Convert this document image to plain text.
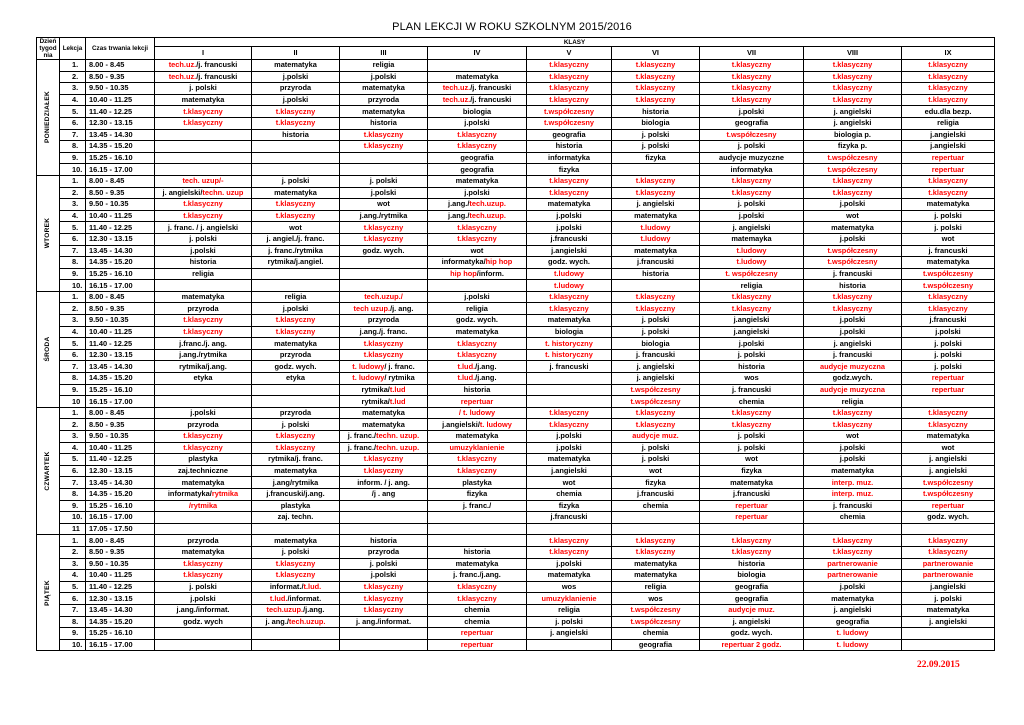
PLAN LEKCJI W ROKU SZKOLNYM 2015/2016
Dzień tygodnia	Lekcja	Czas trwania lekcji	KLASY								
			I	II	III	IV	V	VI	VII	VIII	IX

PONIEDZIAŁEK	1.	8.00 - 8.45	tech.uz./j. francuski	matematyka	religia		t.klasyczny	t.klasyczny	t.klasyczny	t.klasyczny	t.klasyczny
	2.	8.50 - 9.35	tech.uz./j. francuski	j.polski	j.polski	matematyka	t.klasyczny	t.klasyczny	t.klasyczny	t.klasyczny	t.klasyczny
	3.	9.50 - 10.35	j. polski	przyroda	matematyka	tech.uz./j. francuski	t.klasyczny	t.klasyczny	t.klasyczny	t.klasyczny	t.klasyczny
	4.	10.40 - 11.25	matematyka	j.polski	przyroda	tech.uz./j. francuski	t.klasyczny	t.klasyczny	t.klasyczny	t.klasyczny	t.klasyczny
	5.	11.40 - 12.25	t.klasyczny	t.klasyczny	matematyka	biologia	t.współczesny	historia	j.polski	j. angielski	edu.dla bezp.
	6.	12.30 - 13.15	t.klasyczny	t.klasyczny	historia	j.polski	t.współczesny	biologia	geografia	j. angielski	religia
	7.	13.45 - 14.30		historia	t.klasyczny	t.klasyczny	geografia	j. polski	t.współczesny	biologia p.	j.angielski
	8.	14.35 - 15.20			t.klasyczny	t.klasyczny	historia	j. polski	j. polski	fizyka p.	j.angielski
	9.	15.25 - 16.10				geografia	informatyka	fizyka	audycje muzyczne	t.współczesny	repertuar
	10.	16.15 - 17.00				geografia	fizyka		informatyka	t.współczesny	repertuar

WTOREK	1.	8.00 - 8.45	tech. uzup/-	j. polski	j. polski	matematyka	t.klasyczny	t.klasyczny	t.klasyczny	t.klasyczny	t.klasyczny
	2.	8.50 - 9.35	j. angielski/techn. uzup	matematyka	j.polski	j.polski	t.klasyczny	t.klasyczny	t.klasyczny	t.klasyczny	t.klasyczny
	3.	9.50 - 10.35	t.klasyczny	t.klasyczny	wot	j.ang./tech.uzup.	matematyka	j. angielski	j. polski	j.polski	matematyka
	4.	10.40 - 11.25	t.klasyczny	t.klasyczny	j.ang./rytmika	j.ang./tech.uzup.	j.polski	matematyka	j.polski	wot	j. polski
	5.	11.40 - 12.25	j. franc. / j. angielski	wot	t.klasyczny	t.klasyczny	j.polski	t.ludowy	j. angielski	matematyka	j. polski
	6.	12.30 - 13.15	j. polski	j. angiel./j. franc.	t.klasyczny	t.klasyczny	j.francuski	t.ludowy	matemayka	j.polski	wot
	7.	13.45 - 14.30	j.polski	j. franc./rytmika	godz. wych.	wot	j.angielski	matematyka	t.ludowy	t.współczesny	j. francuski
	8.	14.35 - 15.20	historia	rytmika/j.angiel.		informatyka/hip hop	godz. wych.	j.francuski	t.ludowy	t.współczesny	matematyka
	9.	15.25 - 16.10	religia			hip hop/inform.	t.ludowy	historia	t. współczesny	j. francuski	t.współczesny
	10.	16.15 - 17.00					t.ludowy		religia	historia	t.współczesny

ŚRODA	1.	8.00 - 8.45	matematyka	religia	tech.uzup./	j.polski	t.klasyczny	t.klasyczny	t.klasyczny	t.klasyczny	t.klasyczny
	2.	8.50 - 9.35	przyroda	j.polski	tech uzup./j. ang.	religia	t.klasyczny	t.klasyczny	t.klasyczny	t.klasyczny	t.klasyczny
	3.	9.50 - 10.35	t.klasyczny	t.klasyczny	przyroda	godz. wych.	matematyka	j. polski	j.angielski	j.polski	j.francuski
	4.	10.40 - 11.25	t.klasyczny	t.klasyczny	j.ang./j. franc.	matematyka	biologia	j. polski	j.angielski	j.polski	j.polski
	5.	11.40 - 12.25	j.franc./j. ang.	matematyka	t.klasyczny	t.klasyczny	t. historyczny	biologia	j.polski	j. angielski	j. polski
	6.	12.30 - 13.15	j.ang./rytmika	przyroda	t.klasyczny	t.klasyczny	t. historyczny	j. francuski	j. polski	j. francuski	j. polski
	7.	13.45 - 14.30	rytmika/j.ang.	godz. wych.	t. ludowy/ j. franc.	t.lud./j.ang.	j. francuski	j. angielski	historia	audycje muzyczna	j. polski
	8.	14.35 - 15.20	etyka	etyka	t. ludowy/ rytmika	t.lud./j.ang.		j. angielski	wos	godz.wych.	repertuar
	9.	15.25 - 16.10			rytmika/t.lud	historia		t.współczesny	j. francuski	audycje muzyczna	repertuar
	10	16.15 - 17.00			rytmika/t.lud	repertuar		t.współczesny	chemia	religia	

CZWARTEK	1.	8.00 - 8.45	j.polski	przyroda	matematyka	/ t. ludowy	t.klasyczny	t.klasyczny	t.klasyczny	t.klasyczny	t.klasyczny
	2.	8.50 - 9.35	przyroda	j. polski	matematyka	j.angielski/t. ludowy	t.klasyczny	t.klasyczny	t.klasyczny	t.klasyczny	t.klasyczny
	3.	9.50 - 10.35	t.klasyczny	t.klasyczny	j. franc./techn. uzup.	matematyka	j.polski	audycje muz.	j. polski	wot	matematyka
	4.	10.40 - 11.25	t.klasyczny	t.klasyczny	j. franc./techn. uzup.	umuzyklanienie	j.polski	j. polski	j. polski	j.polski	wot
	5.	11.40 - 12.25	plastyka	rytmika/j. franc.	t.klasyczny	t.klasyczny	matematyka	j. polski	wot	j.polski	j. angielski
	6.	12.30 - 13.15	zaj.techniczne	matematyka	t.klasyczny	t.klasyczny	j.angielski	wot	fizyka	matematyka	j. angielski
	7.	13.45 - 14.30	matematyka	j.ang/rytmika	inform. / j. ang.	plastyka	wot	fizyka	matematyka	interp. muz.	t.współczesny
	8.	14.35 - 15.20	informatyka/rytmika	j.francuski/j.ang.	/j . ang	fizyka	chemia	j.francuski	j.francuski	interp. muz.	t.współczesny
	9.	15.25 - 16.10	/rytmika	plastyka		j. franc./	fizyka	chemia	repertuar	j. francuski	repertuar
	10.	16.15 - 17.00		zaj. techn.			j.francuski		repertuar	chemia	godz. wych.
	11	17.05 - 17.50									

PIĄTEK	1.	8.00 - 8.45	przyroda	matematyka	historia		t.klasyczny	t.klasyczny	t.klasyczny	t.klasyczny	t.klasyczny
	2.	8.50 - 9.35	matematyka	j. polski	przyroda	historia	t.klasyczny	t.klasyczny	t.klasyczny	t.klasyczny	t.klasyczny
	3.	9.50 - 10.35	t.klasyczny	t.klasyczny	j. polski	matematyka	j.polski	matematyka	historia	partnerowanie	partnerowanie
	4.	10.40 - 11.25	t.klasyczny	t.klasyczny	j.polski	j. franc./j.ang.	matematyka	matematyka	biologia	partnerowanie	partnerowanie
	5.	11.40 - 12.25	j. polski	informat./t.lud.	t.klasyczny	t.klasyczny	wos	religia	geografia	j.polski	j.angielski
	6.	12.30 - 13.15	j.polski	t.lud./informat.	t.klasyczny	t.klasyczny	umuzyklanienie	wos	geografia	matematyka	j. polski
	7.	13.45 - 14.30	j.ang./informat.	tech.uzup./j.ang.	t.klasyczny	chemia	religia	t.współczesny	audycje muz.	j. angielski	matematyka
	8.	14.35 - 15.20	godz. wych	j. ang./tech.uzup.	j. ang./informat.	chemia	j. polski	t.współczesny	j. angielski	geografia	j. angielski
	9.	15.25 - 16.10				repertuar	j. angielski	chemia	godz. wych.	t. ludowy	
	10.	16.15 - 17.00				repertuar		geografia	repertuar 2 godz.	t. ludowy	
22.09.2015
